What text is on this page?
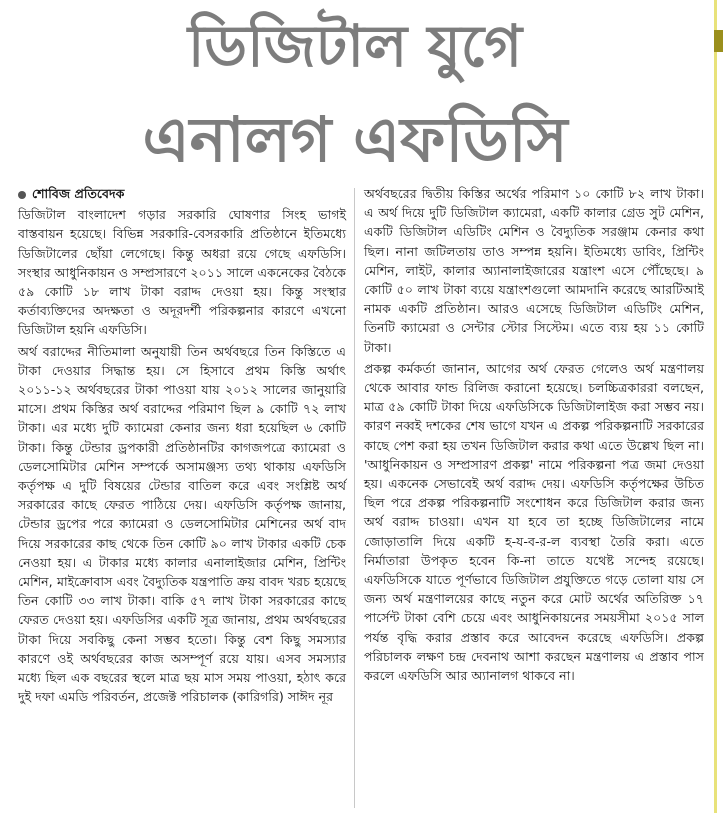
ডিজিটাল যুগে
এনালগ এফডিসি

শোবিজ প্রতিবেদক

ডিজিটাল বাংলাদেশ গড়ার সরকারি ঘোষণার সিংহ ভাগই বাস্তবায়ন হয়েছে। বিভিন্ন সরকারি-বেসরকারি প্রতিষ্ঠানে ইতিমধ্যে ডিজিটালের ছোঁয়া লেগেছে। কিন্তু অধরা রয়ে গেছে এফডিসি। সংস্থার আধুনিকায়ন ও সম্প্রসারণে ২০১১ সালে একনেকের বৈঠকে ৫৯ কোটি ১৮ লাখ টাকা বরাদ্দ দেওয়া হয়। কিন্তু সংস্থার কর্তাব্যক্তিদের অদক্ষতা ও অদূরদর্শী পরিকল্পনার কারণে এখনো ডিজিটাল হয়নি এফডিসি।

অর্থ বরাদ্দের নীতিমালা অনুযায়ী তিন অর্থবছরে তিন কিস্তিতে এ টাকা দেওয়ার সিদ্ধান্ত হয়। সে হিসাবে প্রথম কিস্তি অর্থাৎ ২০১১-১২ অর্থবছরের টাকা পাওয়া যায় ২০১২ সালের জানুয়ারি মাসে। প্রথম কিস্তির অর্থ বরাদ্দের পরিমাণ ছিল ৯ কোটি ৭২ লাখ টাকা। এর মধ্যে দুটি ক্যামেরা কেনার জন্য ধরা হয়েছিল ৬ কোটি টাকা। কিন্তু টেন্ডার ড্রপকারী প্রতিষ্ঠানটির কাগজপত্রে ক্যামেরা ও ডেলসোমিটার মেশিন সম্পর্কে অসামঞ্জস্য তথ্য থাকায় এফডিসি কর্তৃপক্ষ এ দুটি বিষয়ের টেন্ডার বাতিল করে এবং সংশ্লিষ্ট অর্থ সরকারের কাছে ফেরত পাঠিয়ে দেয়। এফডিসি কর্তৃপক্ষ জানায়, টেন্ডার ড্রপের পরে ক্যামেরা ও ডেলসোমিটার মেশিনের অর্থ বাদ দিয়ে সরকারের কাছ থেকে তিন কোটি ৯০ লাখ টাকার একটি চেক নেওয়া হয়। এ টাকার মধ্যে কালার এনালাইজার মেশিন, প্রিন্টিং মেশিন, মাইক্রোবাস এবং বৈদ্যুতিক যন্ত্রপাতি ক্রয় বাবদ খরচ হয়েছে তিন কোটি ৩৩ লাখ টাকা। বাকি ৫৭ লাখ টাকা সরকারের কাছে ফেরত দেওয়া হয়। এফডিসির একটি সূত্র জানায়, প্রথম অর্থবছরের টাকা দিয়ে সবকিছু কেনা সম্ভব হতো। কিন্তু বেশ কিছু সমস্যার কারণে ওই অর্থবছরের কাজ অসম্পূর্ণ রয়ে যায়। এসব সমস্যার মধ্যে ছিল এক বছরের স্থলে মাত্র ছয় মাস সময় পাওয়া, হঠাৎ করে দুই দফা এমডি পরিবর্তন, প্রজেক্ট পরিচালক (কারিগরি) সাঈদ নূর

অর্থবছরের দ্বিতীয় কিস্তির অর্থের পরিমাণ ১০ কোটি ৮২ লাখ টাকা। এ অর্থ দিয়ে দুটি ডিজিটাল ক্যামেরা, একটি কালার গ্রেড সুট মেশিন, একটি ডিজিটাল এডিটিং মেশিন ও বৈদ্যুতিক সরঞ্জাম কেনার কথা ছিল। নানা জটিলতায় তাও সম্পন্ন হয়নি। ইতিমধ্যে ডাবিং, প্রিন্টিং মেশিন, লাইট, কালার অ্যানালাইজারের যন্ত্রাংশ এসে পৌঁছেছে। ৯ কোটি ৫০ লাখ টাকা ব্যয়ে যন্ত্রাংশগুলো আমদানি করেছে আরটিআই নামক একটি প্রতিষ্ঠান। আরও এসেছে ডিজিটাল এডিটিং মেশিন, তিনটি ক্যামেরা ও সেন্টার স্টোর সিস্টেম। এতে ব্যয় হয় ১১ কোটি টাকা।

প্রকল্প কর্মকর্তা জানান, আগের অর্থ ফেরত গেলেও অর্থ মন্ত্রণালয় থেকে আবার ফান্ড রিলিজ করানো হয়েছে। চলচ্চিত্রকাররা বলছেন, মাত্র ৫৯ কোটি টাকা দিয়ে এফডিসিকে ডিজিটালাইজ করা সম্ভব নয়। কারণ নব্বই দশকের শেষ ভাগে যখন এ প্রকল্প পরিকল্পনাটি সরকারের কাছে পেশ করা হয় তখন ডিজিটাল করার কথা এতে উল্লেখ ছিল না। 'আধুনিকায়ন ও সম্প্রসারণ প্রকল্প' নামে পরিকল্পনা পত্র জমা দেওয়া হয়। একনেক সেভাবেই অর্থ বরাদ্দ দেয়। এফডিসি কর্তৃপক্ষের উচিত ছিল পরে প্রকল্প পরিকল্পনাটি সংশোধন করে ডিজিটাল করার জন্য অর্থ বরাদ্দ চাওয়া। এখন যা হবে তা হচ্ছে ডিজিটালের নামে জোড়াতালি দিয়ে একটি হ-য-ব-র-ল ব্যবস্থা তৈরি করা। এতে নির্মাতারা উপকৃত হবেন কি-না তাতে যথেষ্ট সন্দেহ রয়েছে। এফডিসিকে যাতে পূর্ণভাবে ডিজিটাল প্রযুক্তিতে গড়ে তোলা যায় সে জন্য অর্থ মন্ত্রণালয়ের কাছে নতুন করে মোট অর্থের অতিরিক্ত ১৭ পার্সেন্ট টাকা বেশি চেয়ে এবং আধুনিকায়নের সময়সীমা ২০১৫ সাল পর্যন্ত বৃদ্ধি করার প্রস্তাব করে আবেদন করেছে এফডিসি। প্রকল্প পরিচালক লক্ষণ চন্দ্র দেবনাথ আশা করছেন মন্ত্রণালয় এ প্রস্তাব পাস করলে এফডিসি আর অ্যানালগ থাকবে না।
